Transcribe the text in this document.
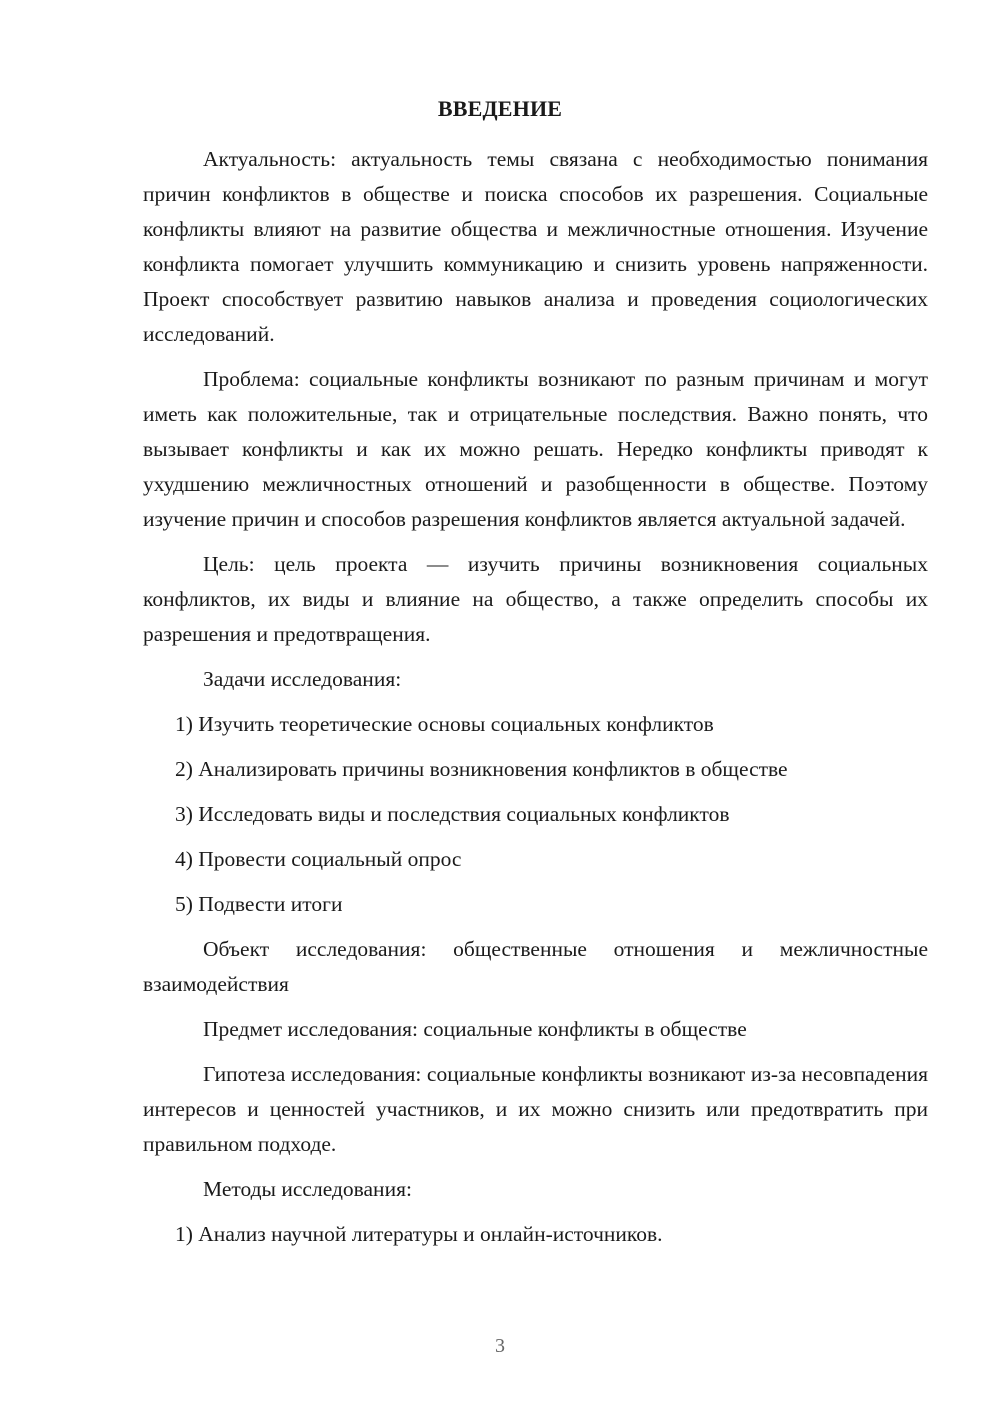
ВВЕДЕНИЕ

Актуальность: актуальность темы связана с необходимостью понимания причин конфликтов в обществе и поиска способов их разрешения. Социальные конфликты влияют на развитие общества и межличностные отношения. Изучение конфликта помогает улучшить коммуникацию и снизить уровень напряженности. Проект способствует развитию навыков анализа и проведения социологических исследований.

Проблема: социальные конфликты возникают по разным причинам и могут иметь как положительные, так и отрицательные последствия. Важно понять, что вызывает конфликты и как их можно решать. Нередко конфликты приводят к ухудшению межличностных отношений и разобщенности в обществе. Поэтому изучение причин и способов разрешения конфликтов является актуальной задачей.

Цель: цель проекта — изучить причины возникновения социальных конфликтов, их виды и влияние на общество, а также определить способы их разрешения и предотвращения.

Задачи исследования:

1) Изучить теоретические основы социальных конфликтов

2) Анализировать причины возникновения конфликтов в обществе

3) Исследовать виды и последствия социальных конфликтов

4) Провести социальный опрос

5) Подвести итоги

Объект исследования: общественные отношения и межличностные взаимодействия

Предмет исследования: социальные конфликты в обществе

Гипотеза исследования: социальные конфликты возникают из-за несовпадения интересов и ценностей участников, и их можно снизить или предотвратить при правильном подходе.

Методы исследования:

1) Анализ научной литературы и онлайн-источников.

3
